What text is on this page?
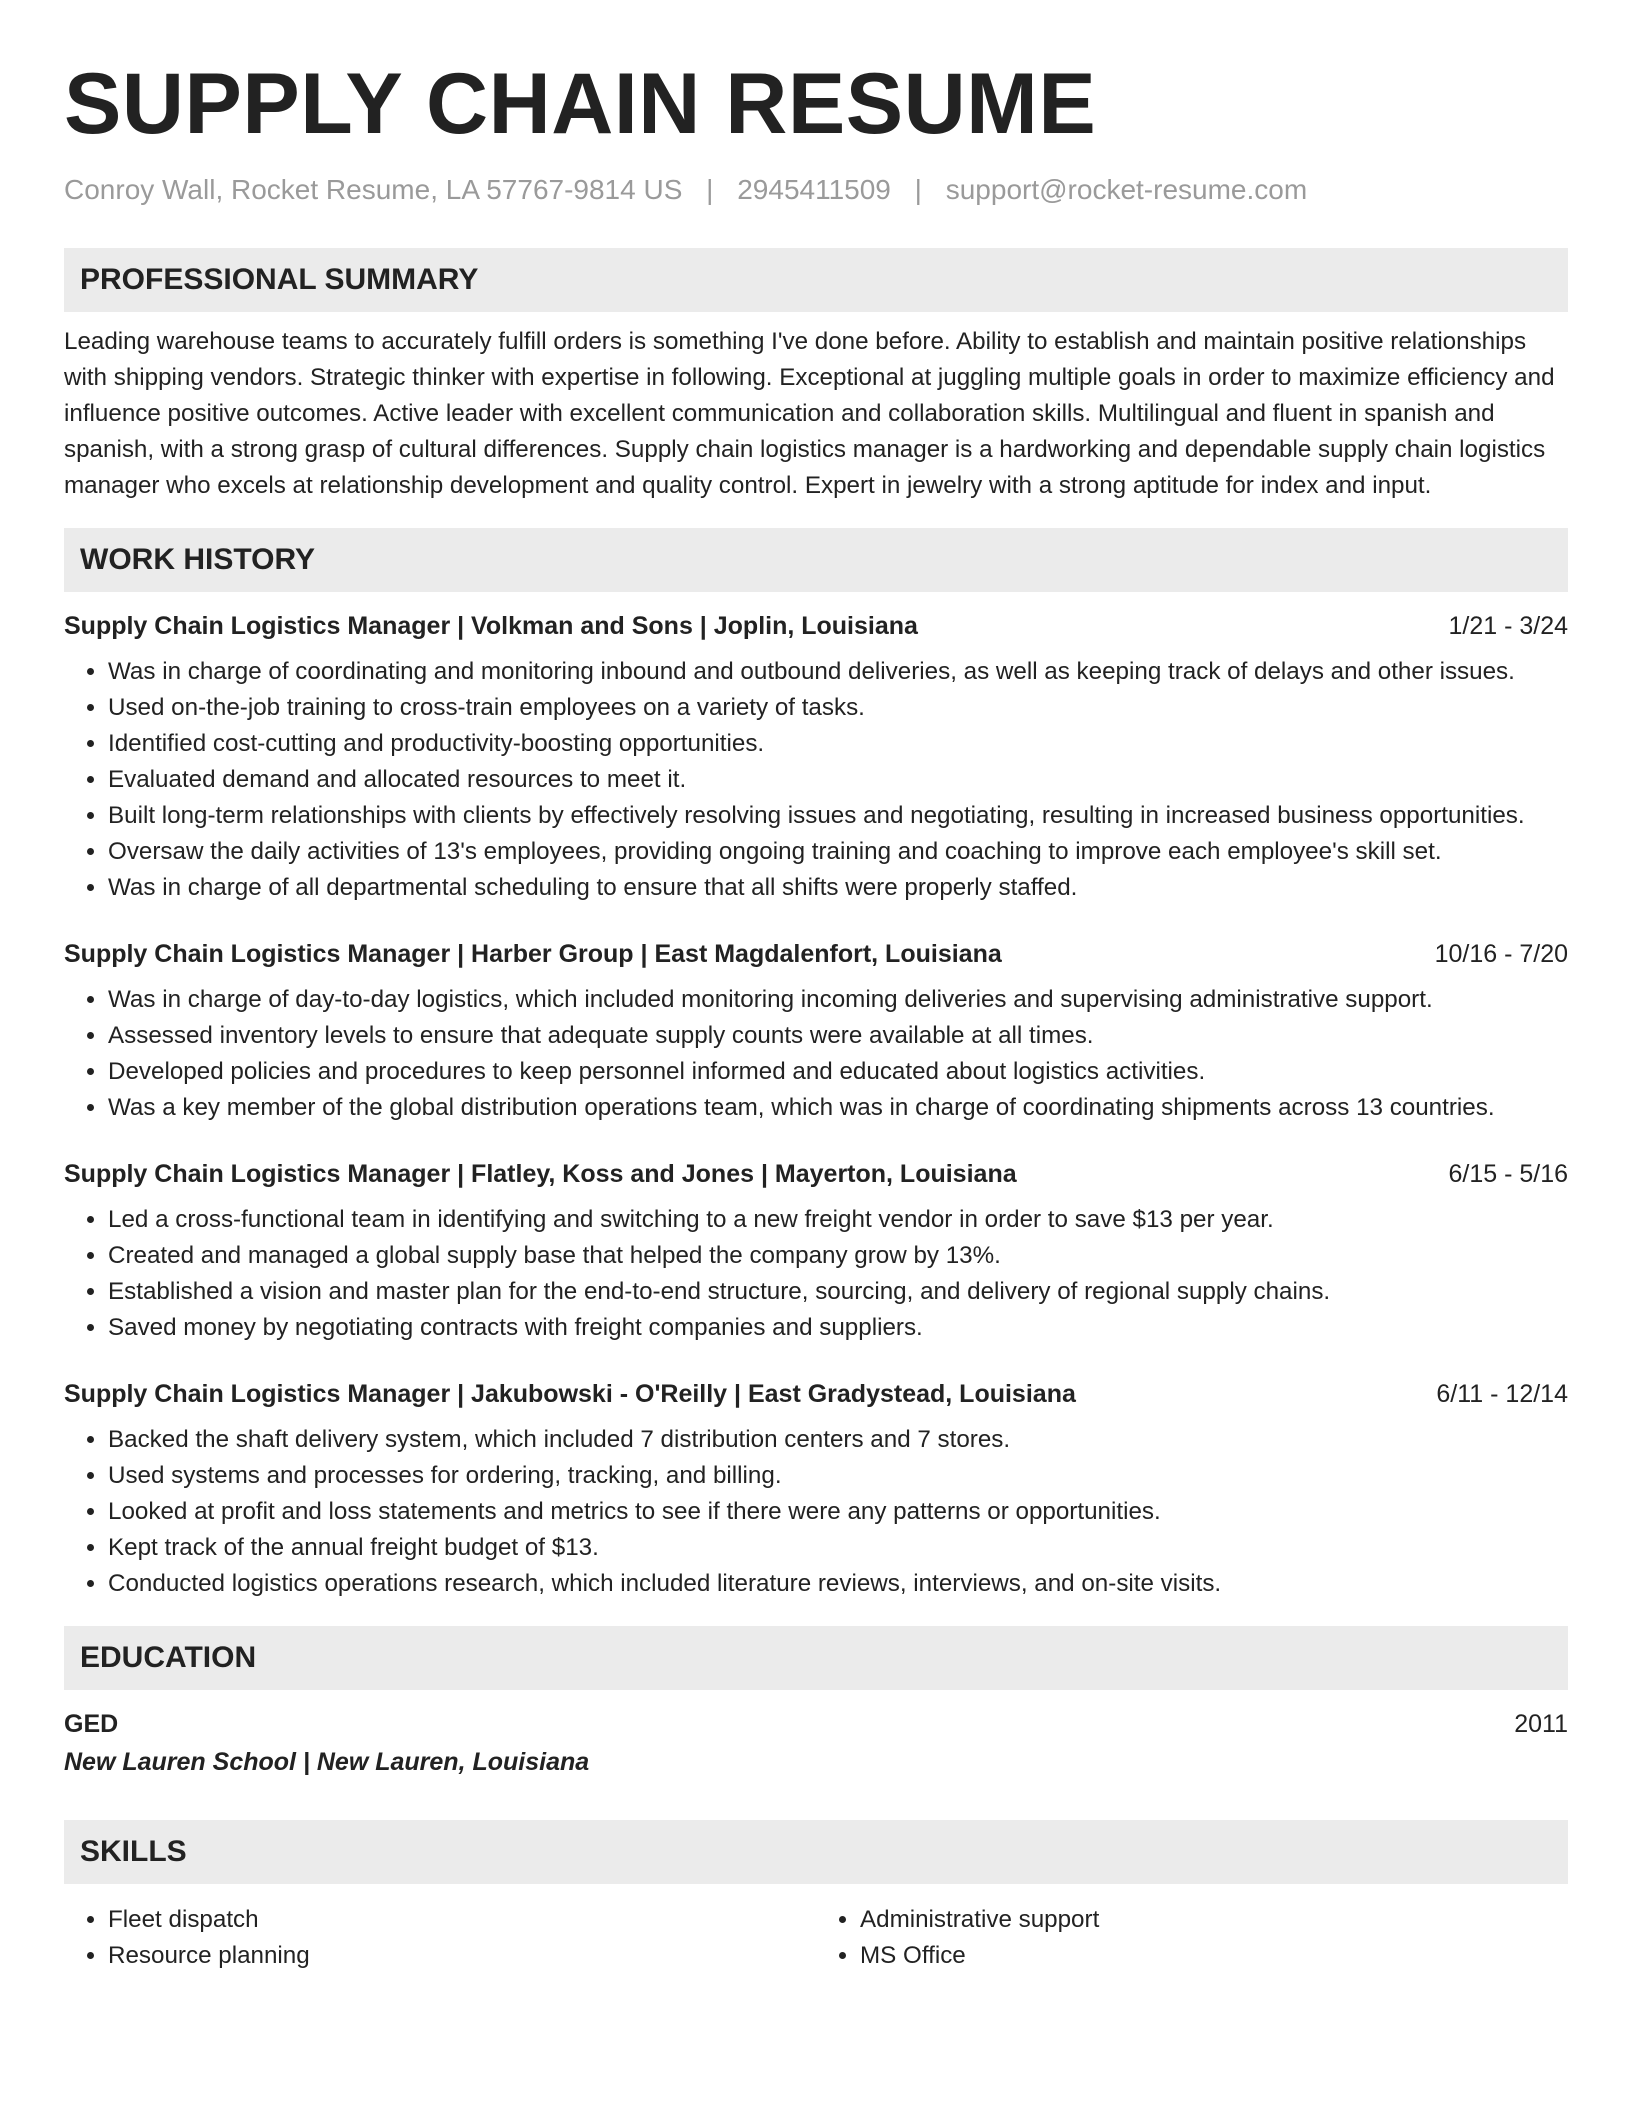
SUPPLY CHAIN RESUME
Conroy Wall, Rocket Resume, LA 57767-9814 US | 2945411509 | support@rocket-resume.com
PROFESSIONAL SUMMARY
Leading warehouse teams to accurately fulfill orders is something I've done before. Ability to establish and maintain positive relationships with shipping vendors. Strategic thinker with expertise in following. Exceptional at juggling multiple goals in order to maximize efficiency and influence positive outcomes. Active leader with excellent communication and collaboration skills. Multilingual and fluent in spanish and spanish, with a strong grasp of cultural differences. Supply chain logistics manager is a hardworking and dependable supply chain logistics manager who excels at relationship development and quality control. Expert in jewelry with a strong aptitude for index and input.
WORK HISTORY
Supply Chain Logistics Manager | Volkman and Sons | Joplin, Louisiana	1/21 - 3/24
• Was in charge of coordinating and monitoring inbound and outbound deliveries, as well as keeping track of delays and other issues.
• Used on-the-job training to cross-train employees on a variety of tasks.
• Identified cost-cutting and productivity-boosting opportunities.
• Evaluated demand and allocated resources to meet it.
• Built long-term relationships with clients by effectively resolving issues and negotiating, resulting in increased business opportunities.
• Oversaw the daily activities of 13's employees, providing ongoing training and coaching to improve each employee's skill set.
• Was in charge of all departmental scheduling to ensure that all shifts were properly staffed.
Supply Chain Logistics Manager | Harber Group | East Magdalenfort, Louisiana	10/16 - 7/20
• Was in charge of day-to-day logistics, which included monitoring incoming deliveries and supervising administrative support.
• Assessed inventory levels to ensure that adequate supply counts were available at all times.
• Developed policies and procedures to keep personnel informed and educated about logistics activities.
• Was a key member of the global distribution operations team, which was in charge of coordinating shipments across 13 countries.
Supply Chain Logistics Manager | Flatley, Koss and Jones | Mayerton, Louisiana	6/15 - 5/16
• Led a cross-functional team in identifying and switching to a new freight vendor in order to save $13 per year.
• Created and managed a global supply base that helped the company grow by 13%.
• Established a vision and master plan for the end-to-end structure, sourcing, and delivery of regional supply chains.
• Saved money by negotiating contracts with freight companies and suppliers.
Supply Chain Logistics Manager | Jakubowski - O'Reilly | East Gradystead, Louisiana	6/11 - 12/14
• Backed the shaft delivery system, which included 7 distribution centers and 7 stores.
• Used systems and processes for ordering, tracking, and billing.
• Looked at profit and loss statements and metrics to see if there were any patterns or opportunities.
• Kept track of the annual freight budget of $13.
• Conducted logistics operations research, which included literature reviews, interviews, and on-site visits.
EDUCATION
GED	2011
New Lauren School | New Lauren, Louisiana
SKILLS
• Fleet dispatch
• Resource planning
• Administrative support
• MS Office
